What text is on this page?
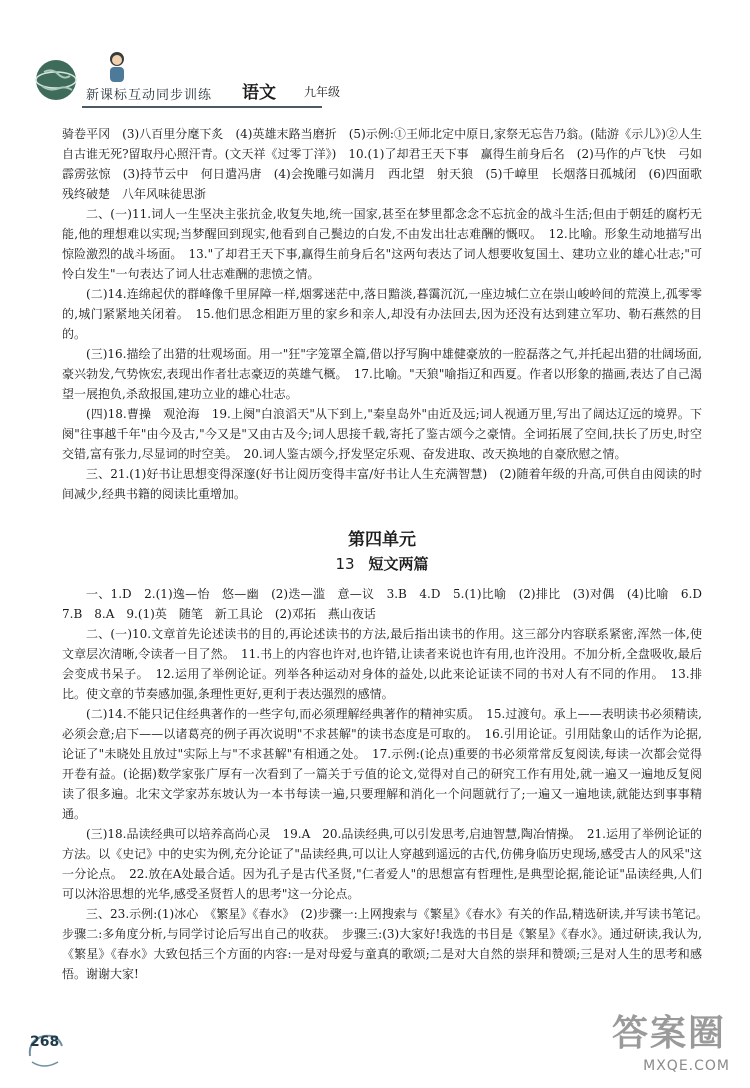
新课标互动同步训练 语文 九年级

骑卷平冈　(3)八百里分麾下炙　(4)英雄末路当磨折　(5)示例:①王师北定中原日,家祭无忘告乃翁。(陆游《示儿》)②人生自古谁无死?留取丹心照汗青。(文天祥《过零丁洋》)　10.(1)了却君王天下事　赢得生前身后名　(2)马作的卢飞快　弓如霹雳弦惊　(3)持节云中　何日遣冯唐　(4)会挽雕弓如满月　西北望　射天狼　(5)千嶂里　长烟落日孤城闭　(6)四面歌残终破楚　八年风味徒思浙

二、(一)11.词人一生坚决主张抗金,收复失地,统一国家,甚至在梦里都念念不忘抗金的战斗生活;但由于朝廷的腐朽无能,他的理想难以实现;当梦醒回到现实,他看到自己鬓边的白发,不由发出壮志难酬的慨叹。　12.比喻。形象生动地描写出惊险激烈的战斗场面。　13."了却君王天下事,赢得生前身后名"这两句表达了词人想要收复国土、建功立业的雄心壮志;"可怜白发生"一句表达了词人壮志难酬的悲愤之情。

(二)14.连绵起伏的群峰像千里屏障一样,烟雾迷茫中,落日黯淡,暮霭沉沉,一座边城仁立在崇山峻岭间的荒漠上,孤零零的,城门紧紧地关闭着。　15.他们思念相距万里的家乡和亲人,却没有办法回去,因为还没有达到建立军功、勒石燕然的目的。

(三)16.描绘了出猎的壮观场面。用一"狂"字笼罩全篇,借以抒写胸中雄健豪放的一腔磊落之气,并托起出猎的壮阔场面,豪兴勃发,气势恢宏,表现出作者壮志豪迈的英雄气概。　17.比喻。"天狼"喻指辽和西夏。作者以形象的描画,表达了自己渴望一展抱负,杀敌报国,建功立业的雄心壮志。

(四)18.曹操　观沧海　19.上阕"白浪滔天"从下到上,"秦皇岛外"由近及远;词人视通万里,写出了阔达辽远的境界。下阕"往事越千年"由今及古,"今又是"又由古及今;词人思接千载,寄托了鉴古颂今之豪情。全词拓展了空间,扶长了历史,时空交错,富有张力,尽显词的时空美。　20.词人鉴古颂今,抒发坚定乐观、奋发进取、改天换地的自豪欣慰之情。

三、21.(1)好书让思想变得深邃(好书让阅历变得丰富/好书让人生充满智慧)　(2)随着年级的升高,可供自由阅读的时间减少,经典书籍的阅读比重增加。

第四单元
13 短文两篇

一、1.D　2.(1)逸—怡　悠—幽　(2)迭—滥　意—议　3.B　4.D　5.(1)比喻　(2)排比　(3)对偶　(4)比喻　6.D　7.B　8.A　9.(1)英　随笔　新工具论　(2)邓拓　燕山夜话

二、(一)10.文章首先论述读书的目的,再论述读书的方法,最后指出读书的作用。这三部分内容联系紧密,浑然一体,使文章层次清晰,令读者一目了然。　11.书上的内容也许对,也许错,让读者来说也许有用,也许没用。不加分析,全盘吸收,最后会变成书呆子。　12.运用了举例论证。列举各种运动对身体的益处,以此来论证读不同的书对人有不同的作用。　13.排比。使文章的节奏感加强,条理性更好,更利于表达强烈的感情。

(二)14.不能只记住经典著作的一些字句,而必须理解经典著作的精神实质。　15.过渡句。承上——表明读书必须精读,必须会意;启下——以诸葛亮的例子再次说明"不求甚解"的读书态度是可取的。　16.引用论证。引用陆象山的话作为论据,论证了"未晓处且放过"实际上与"不求甚解"有相通之处。　17.示例:(论点)重要的书必须常常反复阅读,每读一次都会觉得开卷有益。(论据)数学家张广厚有一次看到了一篇关于亏值的论文,觉得对自己的研究工作有用处,就一遍又一遍地反复阅读了很多遍。北宋文学家苏东坡认为一本书每读一遍,只要理解和消化一个问题就行了;一遍又一遍地读,就能达到事事精通。

(三)18.品读经典可以培养高尚心灵　19.A　20.品读经典,可以引发思考,启迪智慧,陶冶情操。　21.运用了举例论证的方法。以《史记》中的史实为例,充分论证了"品读经典,可以让人穿越到遥远的古代,仿佛身临历史现场,感受古人的风采"这一分论点。　22.放在A处最合适。因为孔子是古代圣贤,"仁者爱人"的思想富有哲理性,是典型论据,能论证"品读经典,人们可以沐浴思想的光华,感受圣贤哲人的思考"这一分论点。

三、23.示例:(1)冰心　《繁星》《春水》　(2)步骤一:上网搜索与《繁星》《春水》有关的作品,精选研读,并写读书笔记。　步骤二:多角度分析,与同学讨论后写出自己的收获。　步骤三:(3)大家好!我选的书目是《繁星》《春水》。通过研读,我认为,《繁星》《春水》大致包括三个方面的内容:一是对母爱与童真的歌颂;二是对大自然的崇拜和赞颂;三是对人生的思考和感悟。谢谢大家!

268	答案圈
MXQE.COM
